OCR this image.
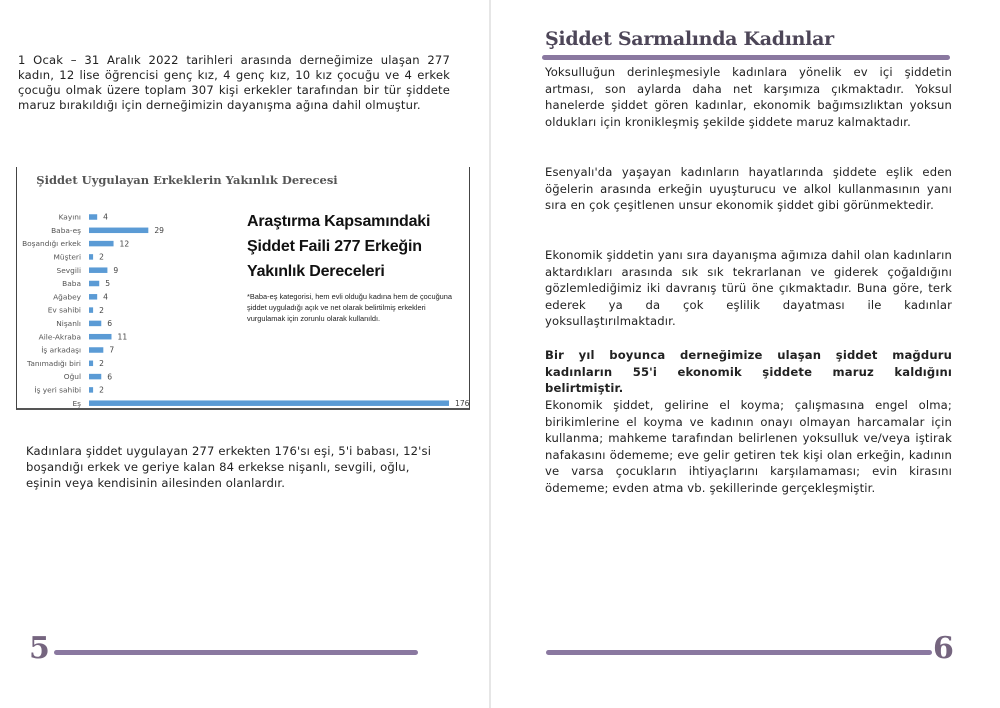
1 Ocak – 31 Aralık 2022 tarihleri arasında derneğimize ulaşan 277 kadın, 12 lise öğrencisi genç kız, 4 genç kız, 10 kız çocuğu ve 4 erkek çocuğu olmak üzere toplam 307 kişi erkekler tarafından bir tür şiddete maruz bırakıldığı için derneğimizin dayanışma ağına dahil olmuştur.

Şiddet Uygulayan Erkeklerin Yakınlık Derecesi

Kayını	4
Baba-eş	29
Boşandığı erkek	12
Müşteri 2
Sevgili	9
Baba	5
Ağabey	4
Ev sahibi 2
Nişanlı	6
Aile-Akraba	11
İş arkadaşı	7
Tanımadığı biri 2
Oğul	6
İş yeri sahibi 2
Eş	176

Araştırma Kapsamındaki Şiddet Faili 277 Erkeğin Yakınlık Dereceleri

*Baba-eş kategorisi, hem evli olduğu kadına hem de çocuğuna şiddet uyguladığı açık ve net olarak belirtilmiş erkekleri vurgulamak için zorunlu olarak kullanıldı.

Kadınlara şiddet uygulayan 277 erkekten 176'sı eşi, 5'i babası, 12'si boşandığı erkek ve geriye kalan 84 erkekse nişanlı, sevgili, oğlu, eşinin veya kendisinin ailesinden olanlardır.

5

Şiddet Sarmalında Kadınlar

Yoksulluğun derinleşmesiyle kadınlara yönelik ev içi şiddetin artması, son aylarda daha net karşımıza çıkmaktadır. Yoksul hanelerde şiddet gören kadınlar, ekonomik bağımsızlıktan yoksun oldukları için kronikleşmiş şekilde şiddete maruz kalmaktadır.

Esenyalı'da yaşayan kadınların hayatlarında şiddete eşlik eden öğelerin arasında erkeğin uyuşturucu ve alkol kullanmasının yanı sıra en çok çeşitlenen unsur ekonomik şiddet gibi görünmektedir.

Ekonomik şiddetin yanı sıra dayanışma ağımıza dahil olan kadınların aktardıkları arasında sık sık tekrarlanan ve giderek çoğaldığını gözlemlediğimiz iki davranış türü öne çıkmaktadır. Buna göre, terk ederek ya da çok eşlilik dayatması ile kadınlar yoksullaştırılmaktadır.

Bir yıl boyunca derneğimize ulaşan şiddet mağduru kadınların 55'i ekonomik şiddete maruz kaldığını belirtmiştir.

Ekonomik şiddet, gelirine el koyma; çalışmasına engel olma; birikimlerine el koyma ve kadının onayı olmayan harcamalar için kullanma; mahkeme tarafından belirlenen yoksulluk ve/veya iştirak nafakasını ödememe; eve gelir getiren tek kişi olan erkeğin, kadının ve varsa çocukların ihtiyaçlarını karşılamaması; evin kirasını ödememe; evden atma vb. şekillerinde gerçekleşmiştir.

6
